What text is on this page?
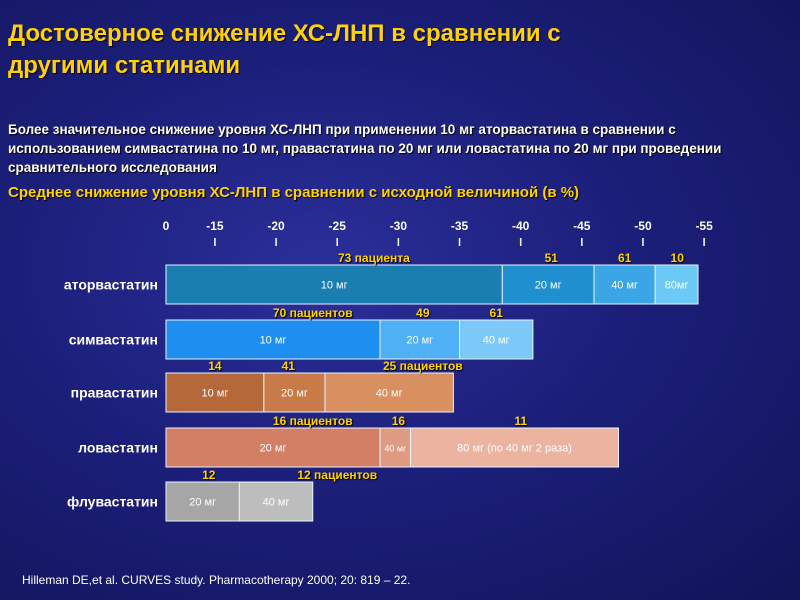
Достоверное снижение ХС-ЛНП в сравнении с другими статинами
Более значительное снижение уровня ХС-ЛНП при применении 10 мг аторвастатина в сравнении с использованием симвастатина по 10 мг, правастатина по 20 мг или ловастатина по 20 мг при проведении сравнительного исследования
Среднее снижение уровня ХС-ЛНП в сравнении с исходной величиной (в %)
0	-15	-20	-25	-30	-35	-40	-45	-50	-55
аторвастатин	10 мг	20 мг	40 мг 80мг
73 пациента	51	61	10
симвастатин	10 мг	20 мг	40 мг
70 пациентов	49	61
правастатин	10 мг	20 мг	40 мг
14	41	25 пациентов
ловастатин	20 мг	40 мг	80 мг (по 40 мг 2 раза)
16 пациентов	16	11
флувастатин	20 мг	40 мг
12	12 пациентов
Hilleman DE,et al. CURVES study. Pharmacotherapy 2000; 20: 819 – 22.
